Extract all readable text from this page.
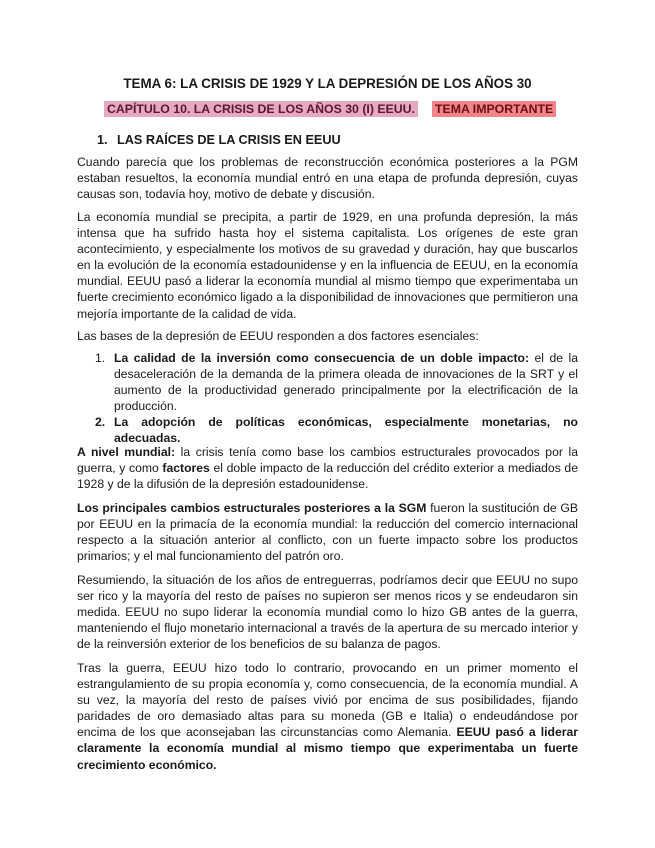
TEMA 6: LA CRISIS DE 1929 Y LA DEPRESIÓN DE LOS AÑOS 30
CAPÍTULO 10. LA CRISIS DE LOS AÑOS 30 (I) EEUU. TEMA IMPORTANTE
1. LAS RAÍCES DE LA CRISIS EN EEUU

Cuando parecía que los problemas de reconstrucción económica posteriores a la PGM estaban resueltos, la economía mundial entró en una etapa de profunda depresión, cuyas causas son, todavía hoy, motivo de debate y discusión.

La economía mundial se precipita, a partir de 1929, en una profunda depresión, la más intensa que ha sufrido hasta hoy el sistema capitalista. Los orígenes de este gran acontecimiento, y especialmente los motivos de su gravedad y duración, hay que buscarlos en la evolución de la economía estadounidense y en la influencia de EEUU, en la economía mundial. EEUU pasó a liderar la economía mundial al mismo tiempo que experimentaba un fuerte crecimiento económico ligado a la disponibilidad de innovaciones que permitieron una mejoría importante de la calidad de vida.

Las bases de la depresión de EEUU responden a dos factores esenciales:

1. La calidad de la inversión como consecuencia de un doble impacto: el de la desaceleración de la demanda de la primera oleada de innovaciones de la SRT y el aumento de la productividad generado principalmente por la electrificación de la producción.
2. La adopción de políticas económicas, especialmente monetarias, no adecuadas.

A nivel mundial: la crisis tenía como base los cambios estructurales provocados por la guerra, y como factores el doble impacto de la reducción del crédito exterior a mediados de 1928 y de la difusión de la depresión estadounidense.

Los principales cambios estructurales posteriores a la SGM fueron la sustitución de GB por EEUU en la primacía de la economía mundial: la reducción del comercio internacional respecto a la situación anterior al conflicto, con un fuerte impacto sobre los productos primarios; y el mal funcionamiento del patrón oro.

Resumiendo, la situación de los años de entreguerras, podríamos decir que EEUU no supo ser rico y la mayoría del resto de países no supieron ser menos ricos y se endeudaron sin medida. EEUU no supo liderar la economía mundial como lo hizo GB antes de la guerra, manteniendo el flujo monetario internacional a través de la apertura de su mercado interior y de la reinversión exterior de los beneficios de su balanza de pagos.

Tras la guerra, EEUU hizo todo lo contrario, provocando en un primer momento el estrangulamiento de su propia economía y, como consecuencia, de la economía mundial. A su vez, la mayoría del resto de países vivió por encima de sus posibilidades, fijando paridades de oro demasiado altas para su moneda (GB e Italia) o endeudándose por encima de los que aconsejaban las circunstancias como Alemania. EEUU pasó a liderar claramente la economía mundial al mismo tiempo que experimentaba un fuerte crecimiento económico.
